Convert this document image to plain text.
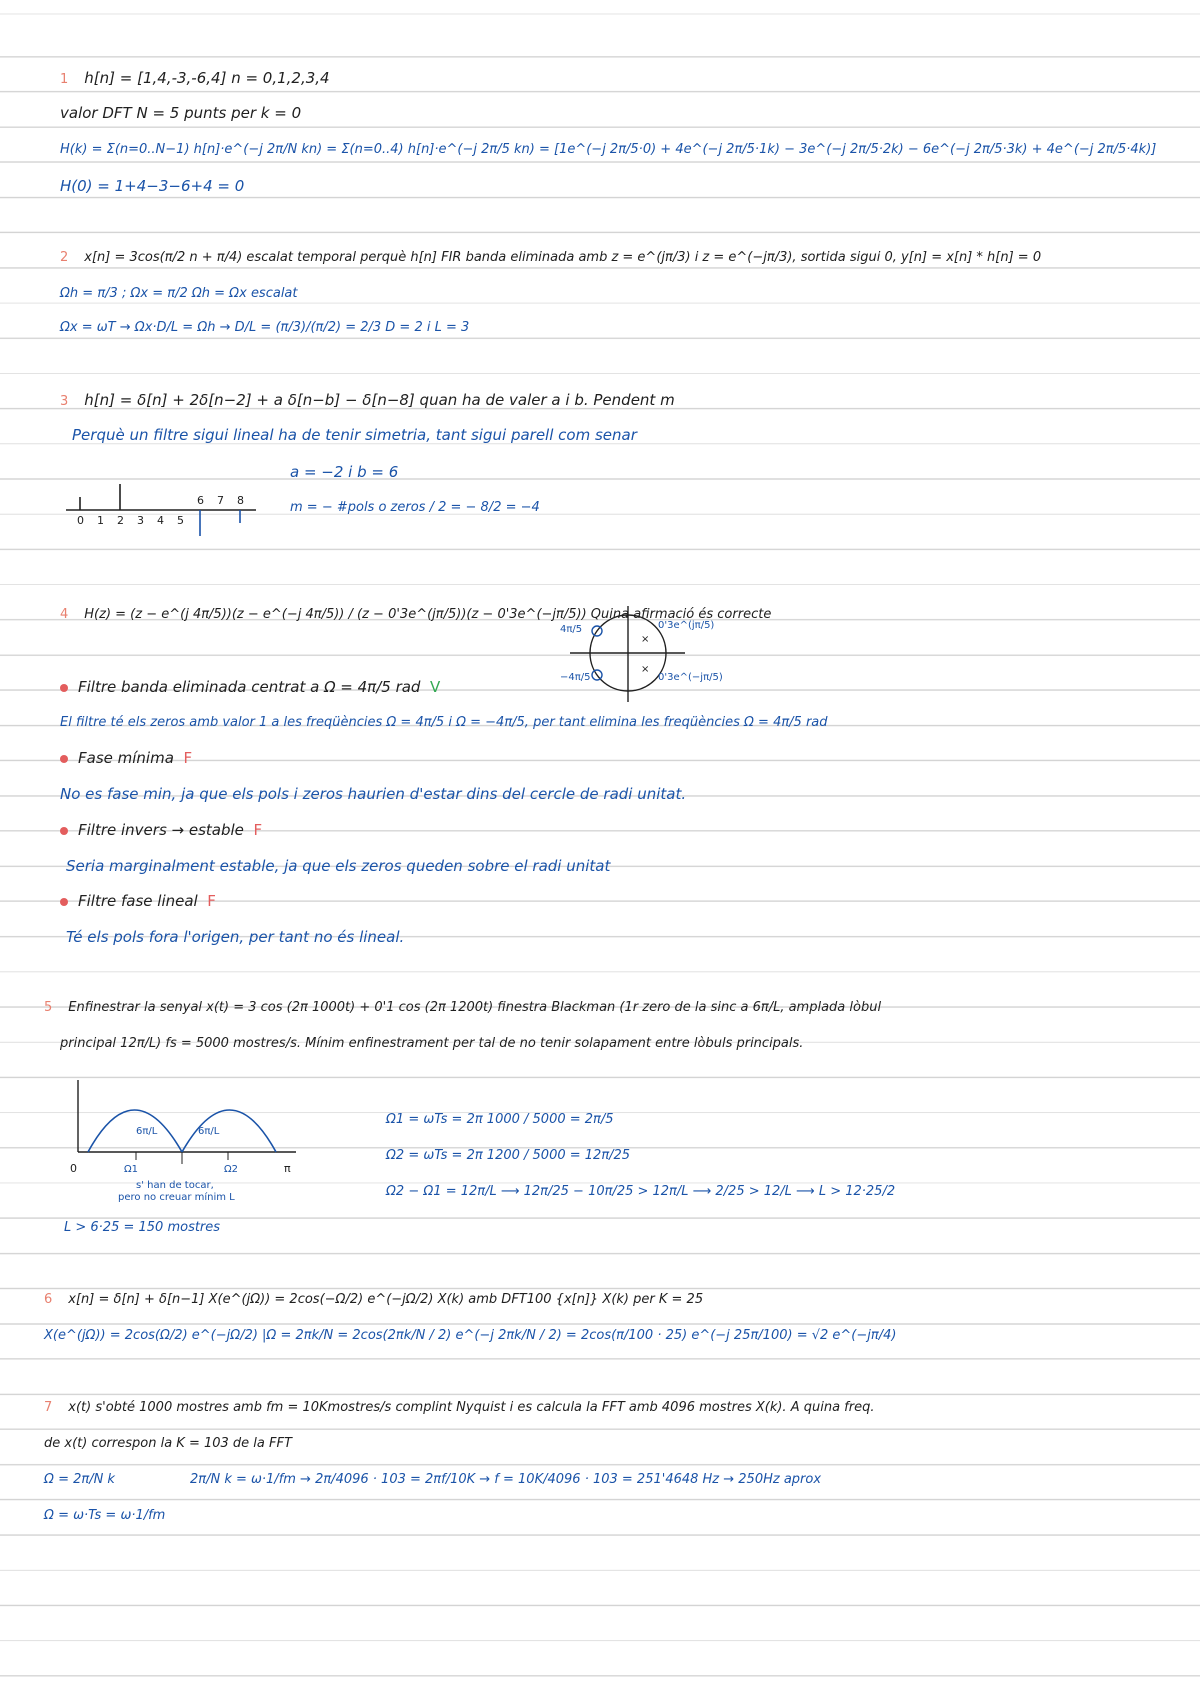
1 h[n] = [1,4,-3,-6,4] n = 0,1,2,3,4
valor DFT N = 5 punts per k = 0
H(k) = Σ(n=0..N−1) h[n]·e^(−j 2π/N kn) = Σ(n=0..4) h[n]·e^(−j 2π/5 kn) = [1e^(−j 2π/5·0) + 4e^(−j 2π/5·1k) − 3e^(−j 2π/5·2k) − 6e^(−j 2π/5·3k) + 4e^(−j 2π/5·4k)]
H(0) = 1+4−3−6+4 = 0
2 x[n] = 3cos(π/2 n + π/4) escalat temporal perquè h[n] FIR banda eliminada amb z = e^(jπ/3) i z = e^(−jπ/3), sortida sigui 0, y[n] = x[n] * h[n] = 0
Ωh = π/3 ; Ωx = π/2 Ωh = Ωx escalat
Ωx = ωT → Ωx·D/L = Ωh → D/L = (π/3)/(π/2) = 2/3 D = 2 i L = 3
3 h[n] = δ[n] + 2δ[n−2] + a δ[n−b] − δ[n−8] quan ha de valer a i b. Pendent m
Perquè un filtre sigui lineal ha de tenir simetria, tant sigui parell com senar
a = −2 i b = 6
m = − #pols o zeros / 2 = − 8/2 = −4
0 1 2 3 4 5
6 7 8
4 H(z) = (z − e^(j 4π/5))(z − e^(−j 4π/5)) / (z − 0'3e^(jπ/5))(z − 0'3e^(−jπ/5)) Quina afirmació és correcte
×
×
4π/5
−4π/5
0'3e^(jπ/5)
0'3e^(−jπ/5)
Filtre banda eliminada centrat a Ω = 4π/5 rad V
El filtre té els zeros amb valor 1 a les freqüències Ω = 4π/5 i Ω = −4π/5, per tant elimina les freqüències Ω = 4π/5 rad
Fase mínima F
No es fase min, ja que els pols i zeros haurien d'estar dins del cercle de radi unitat.
Filtre invers → estable F
Seria marginalment estable, ja que els zeros queden sobre el radi unitat
Filtre fase lineal F
Té els pols fora l'origen, per tant no és lineal.
5 Enfinestrar la senyal x(t) = 3 cos (2π 1000t) + 0'1 cos (2π 1200t) finestra Blackman (1r zero de la sinc a 6π/L, amplada lòbul
principal 12π/L) fs = 5000 mostres/s. Mínim enfinestrament per tal de no tenir solapament entre lòbuls principals.
6π/L	6π/L
0	Ω1	Ω2	π
s' han de tocar, pero no creuar mínim L
Ω1 = ωTs = 2π 1000 / 5000 = 2π/5
Ω2 = ωTs = 2π 1200 / 5000 = 12π/25
Ω2 − Ω1 = 12π/L ⟶ 12π/25 − 10π/25 > 12π/L ⟶ 2/25 > 12/L ⟶ L > 12·25/2
L > 6·25 = 150 mostres
6 x[n] = δ[n] + δ[n−1] X(e^(jΩ)) = 2cos(−Ω/2) e^(−jΩ/2) X(k) amb DFT100 {x[n]} X(k) per K = 25
X(e^(jΩ)) = 2cos(Ω/2) e^(−jΩ/2) |Ω = 2πk/N = 2cos(2πk/N / 2) e^(−j 2πk/N / 2) = 2cos(π/100 · 25) e^(−j 25π/100) = √2 e^(−jπ/4)
7 x(t) s'obté 1000 mostres amb fm = 10Kmostres/s complint Nyquist i es calcula la FFT amb 4096 mostres X(k). A quina freq.
de x(t) correspon la K = 103 de la FFT
Ω = 2π/N k
Ω = ω·Ts = ω·1/fm
2π/N k = ω·1/fm → 2π/4096 · 103 = 2πf/10K → f = 10K/4096 · 103 = 251'4648 Hz → 250Hz aprox
